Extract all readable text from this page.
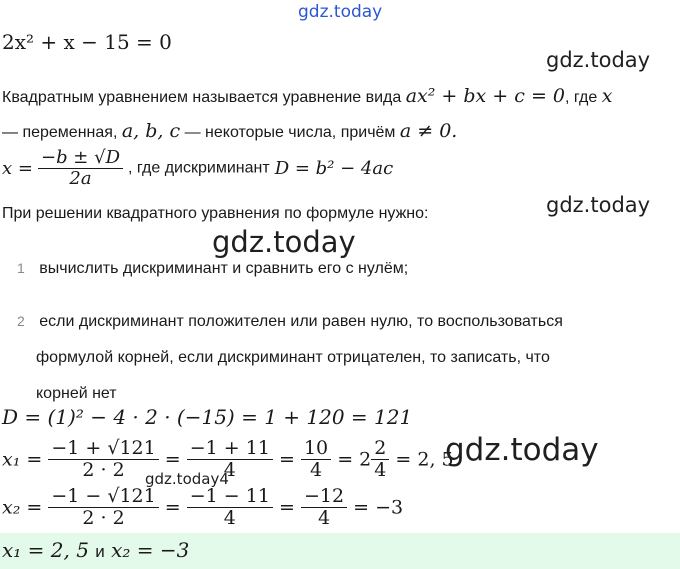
gdz.today
2x² + x − 15 = 0
gdz.today
Квадратным уравнением называется уравнение вида ax² + bx + c = 0, где x
— переменная, a, b, c — некоторые числа, причём a ≠ 0.
$x = \frac{-b \pm √D}{2a}$ , где дискриминант D = b² − 4ac
gdz.today
При решении квадратного уравнения по формуле нужно:
gdz.today
1 вычислить дискриминант и сравнить его с нулём;
2 если дискриминант положителен или равен нулю, то воспользоваться
формулой корней, если дискриминант отрицателен, то записать, что
корней нет
D = (1)² − 4 · 2 · (−15) = 1 + 120 = 121
$x_1 = \frac{-1 + √121}{2 \cdot 2} = \frac{-1 + 11}{4} = \frac{10}{4} = 2 \frac{2}{4} = 2$, 5
gdz.today
gdz.today4
$x_2 = \frac{-1 - √121}{2 \cdot 2} = \frac{-1 - 11}{4} = \frac{-12}{4} = -3$
x₁ = 2, 5 и x₂ = −3
